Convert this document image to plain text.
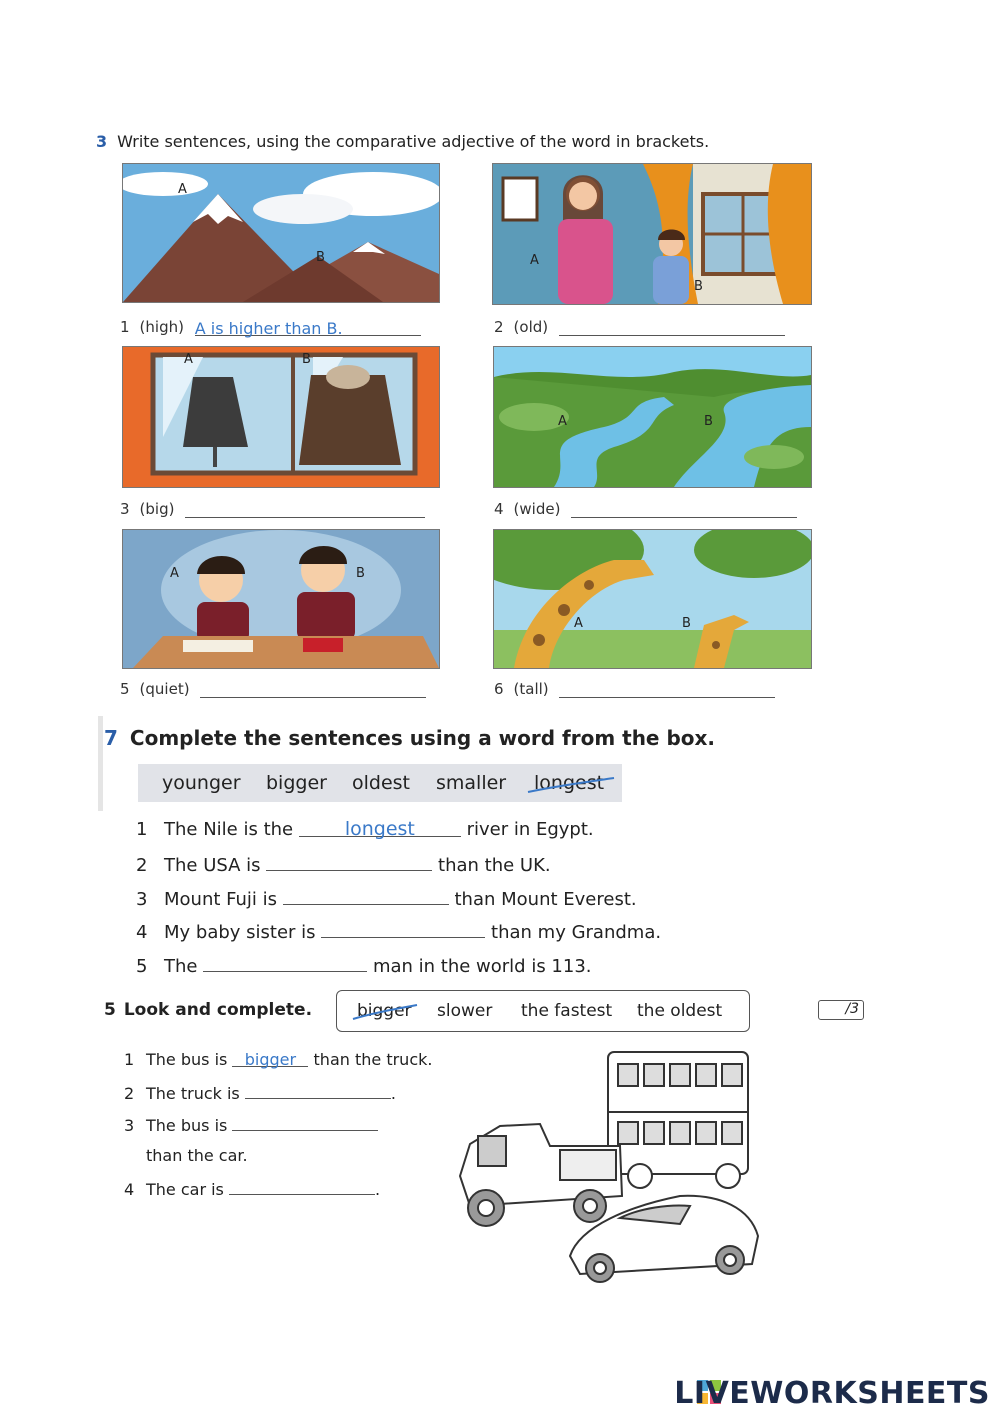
3 Write sentences, using the comparative adjective of the word in brackets.
A
B	A
B
1 (high) A is higher than B.	2 (old)
A	B
A	B
3 (big)	4 (wide)
A	B
A	B
5 (quiet)	6 (tall)
7 Complete the sentences using a word from the box.
younger bigger oldest smaller longest
1 The Nile is the	longest	river in Egypt.
2 The USA is	than the UK.
3 Mount Fuji is	than Mount Everest.
4 My baby sister is	than my Grandma.
5 The	man in the world is 113.
5 Look and complete.	bigger slower the fastest the oldest	/3
1 The bus is bigger than the truck.
2 The truck is	.
3 The bus is
than the car.
4 The car is	.
LIVEWORKSHEETS
